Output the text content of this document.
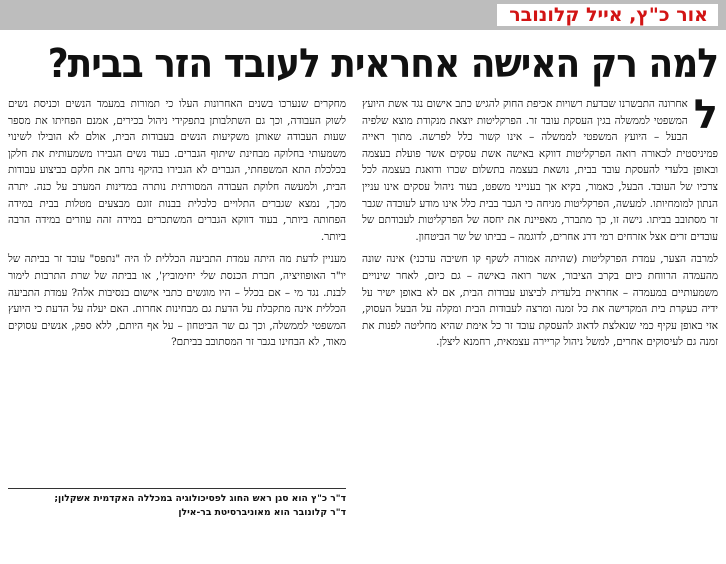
אור כ"ץ, אייל קלונובר
למה רק האישה אחראית לעובד הזר בבית?

ל
אחרונה התבשרנו שבדעת רשויות אכיפת החוק להגיש כתב אישום נגד אשת היועץ המשפטי לממשלה בגין העסקת עובד זר. הפרקליטות יוצאת מנקודת מוצא שלפיה הבעל – היועץ המשפטי לממשלה – אינו קשור כלל לפרשה. מתוך ראייה פמיניסטית לכאורה רואה הפרקליטות דווקא באישה אשת עסקים אשר פועלת בעצמה ובאופן בלעדי להעסקת עובד בבית, נושאת בעצמה בתשלום שכרו ודואגת בעצמה לכל צרכיו של העובד. הבעל, כאמור, בקיא אך בענייני משפט, בעוד ניהול עסקים אינו עניין הנתון למומחיותו. למעשה, הפרקליטות מניחה כי הגבר בבית כלל אינו מודע לעובדה שגבר זר מסתובב בביתו. גישה זו, כך מתברר, מאפיינת את יחסה של הפרקליטות לעבודתם של עובדים זרים אצל אזרחים רמי דרג אחרים, לדוגמה – בביתו של שר הביטחון.

למרבה הצער, עמדת הפרקליטות (שהיתה אמורה לשקף קו חשיבה עדכני) אינה שונה מהעמדה הרווחת כיום בקרב הציבור, אשר רואה באישה – גם כיום, לאחר שינויים משמעותיים במעמדה – אחראית בלעדית לביצוע עבודות הבית, אם לא באופן ישיר על ידיה כעקרת בית המקדישה את כל זמנה ומרצה לעבודות הבית ומקלה על הבעל העסוק, אזי באופן עקיף כמי שנאלצת לדאוג להעסקת עובד זר כל אימת שהיא מחליטה לפנות את זמנה גם לעיסוקים אחרים, למשל ניהול קריירה עצמאית, רחמנא ליצלן.

מחקרים שנערכו בשנים האחרונות העלו כי תמורות במעמד הנשים וכניסת נשים לשוק העבודה, וכך גם השתלבותן בתפקידי ניהול בכירים, אמנם הפחיתו את מספר שעות העבודה שאותן משקיעות הנשים בעבודות הבית, אולם לא הובילו לשינוי משמעותי בחלוקה מבחינת שיתוף הגברים. בעוד נשים הגבירו משמעותית את חלקן בכלכלת התא המשפחתי, הגברים לא הגבירו בהיקף נרחב את חלקם בביצוע עבודות הבית, ולמעשה חלוקת העבודה המסורתית נותרה במדינות המערב על כנה. יתרה מכך, נמצא שגברים התלויים כלכלית בבנות זוגם מבצעים מטלות בבית במידה הפחותה ביותר, בעוד דווקא הגברים המשתכרים במידה זהה עוזרים במידה הרבה ביותר.

מעניין לדעת מה היתה עמדת התביעה הכללית לו היה "נתפס" עובד זר בביתה של יו"ר האופוזיציה, חברת הכנסת שלי יחימוביץ', או בביתה של שרת התרבות לימור לבנת. נגד מי – אם בכלל – היו מוגשים כתבי אישום בנסיבות אלה? עמדת התביעה הכללית אינה מתקבלת על הדעת גם מבחינות אחרות. האם יעלה על הדעת כי היועץ המשפטי לממשלה, וכך גם שר הביטחון – על אף היותם, ללא ספק, אנשים עסוקים מאוד, לא הבחינו בגבר זר המסתובב בביתם?

ד"ר כ"ץ הוא סגן ראש החוג לפסיכולוגיה במכללה האקדמית אשקלון;
ד"ר קלונובר הוא מאוניברסיטת בר-אילן
